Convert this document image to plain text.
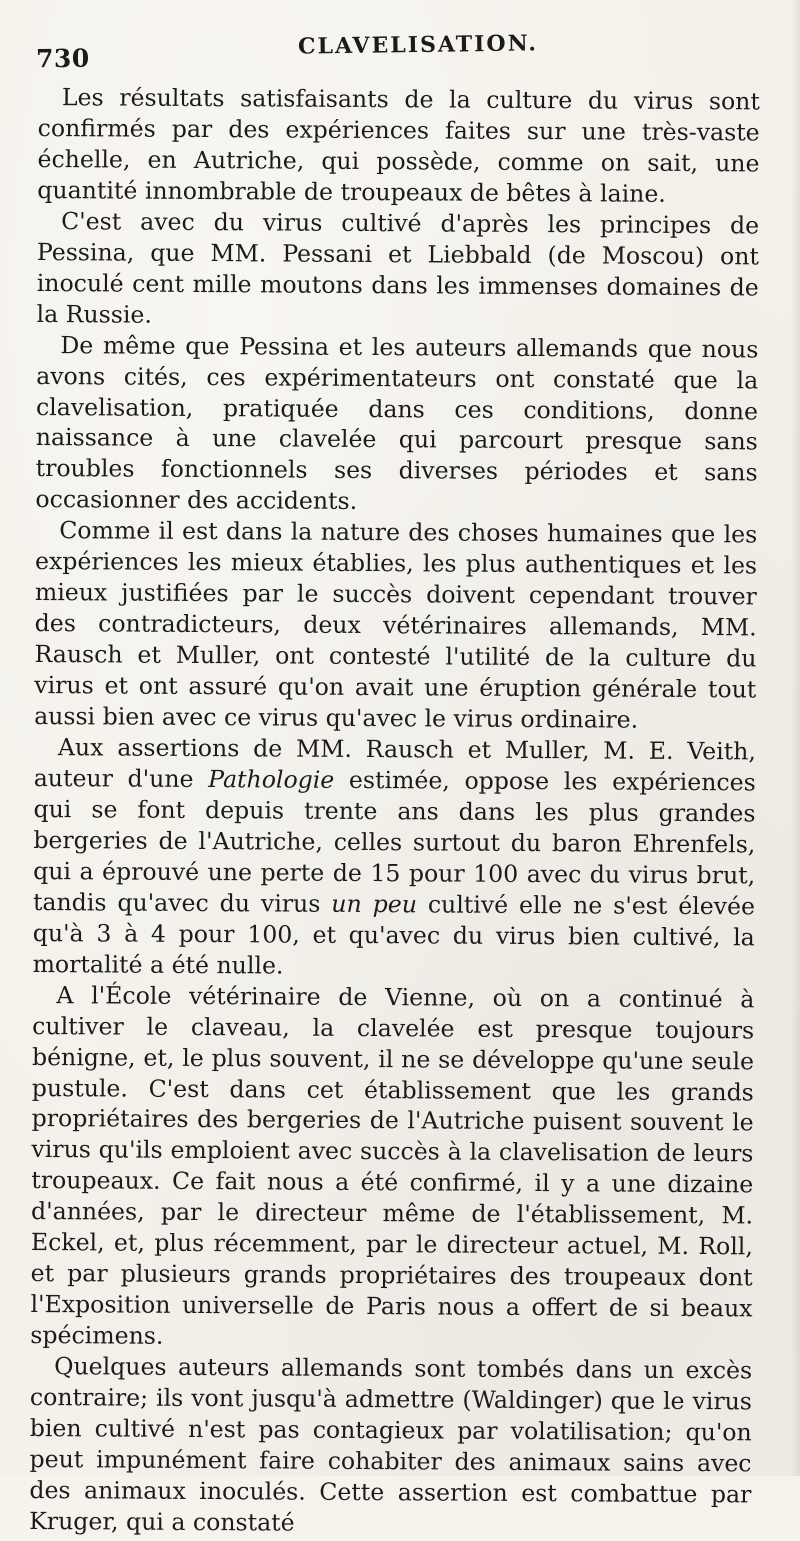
730	CLAVELISATION.

Les résultats satisfaisants de la culture du virus sont confirmés par des expériences faites sur une très-vaste échelle, en Autriche, qui possède, comme on sait, une quantité innombrable de troupeaux de bêtes à laine.

C'est avec du virus cultivé d'après les principes de Pessina, que MM. Pessani et Liebbald (de Moscou) ont inoculé cent mille moutons dans les immenses domaines de la Russie.

De même que Pessina et les auteurs allemands que nous avons cités, ces expérimentateurs ont constaté que la clavelisation, pratiquée dans ces conditions, donne naissance à une clavelée qui parcourt presque sans troubles fonctionnels ses diverses périodes et sans occasionner des accidents.

Comme il est dans la nature des choses humaines que les expériences les mieux établies, les plus authentiques et les mieux justifiées par le succès doivent cependant trouver des contradicteurs, deux vétérinaires allemands, MM. Rausch et Muller, ont contesté l'utilité de la culture du virus et ont assuré qu'on avait une éruption générale tout aussi bien avec ce virus qu'avec le virus ordinaire.

Aux assertions de MM. Rausch et Muller, M. E. Veith, auteur d'une Pathologie estimée, oppose les expériences qui se font depuis trente ans dans les plus grandes bergeries de l'Autriche, celles surtout du baron Ehrenfels, qui a éprouvé une perte de 15 pour 100 avec du virus brut, tandis qu'avec du virus un peu cultivé elle ne s'est élevée qu'à 3 à 4 pour 100, et qu'avec du virus bien cultivé, la mortalité a été nulle.

A l'École vétérinaire de Vienne, où on a continué à cultiver le claveau, la clavelée est presque toujours bénigne, et, le plus souvent, il ne se développe qu'une seule pustule. C'est dans cet établissement que les grands propriétaires des bergeries de l'Autriche puisent souvent le virus qu'ils emploient avec succès à la clavelisation de leurs troupeaux. Ce fait nous a été confirmé, il y a une dizaine d'années, par le directeur même de l'établissement, M. Eckel, et, plus récemment, par le directeur actuel, M. Roll, et par plusieurs grands propriétaires des troupeaux dont l'Exposition universelle de Paris nous a offert de si beaux spécimens.

Quelques auteurs allemands sont tombés dans un excès contraire; ils vont jusqu'à admettre (Waldinger) que le virus bien cultivé n'est pas contagieux par volatilisation; qu'on peut impunément faire cohabiter des animaux sains avec des animaux inoculés. Cette assertion est combattue par Kruger, qui a constaté
